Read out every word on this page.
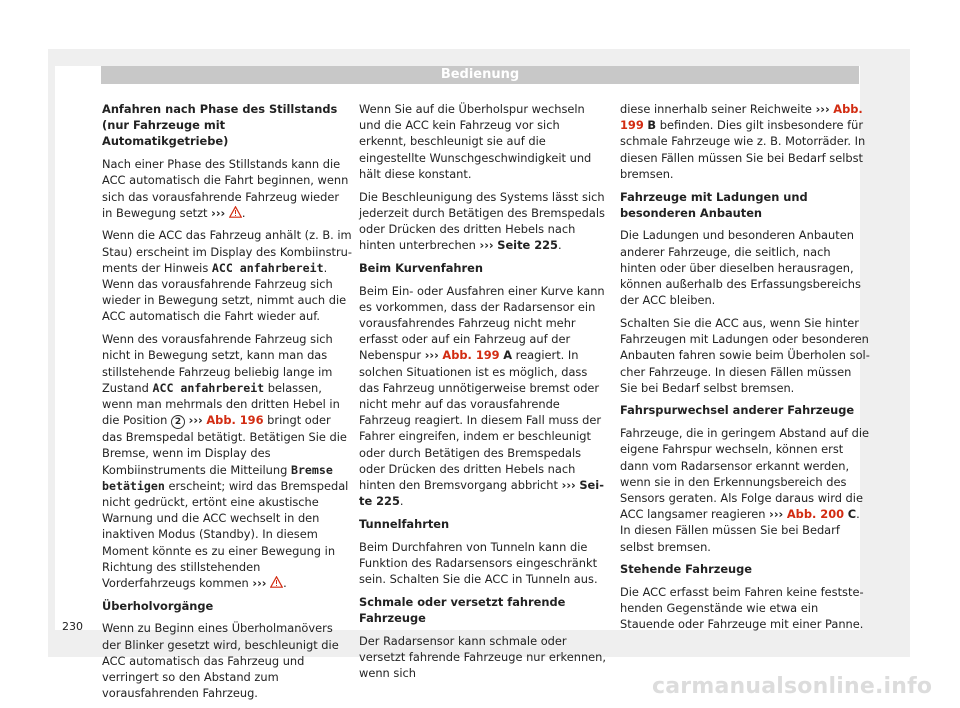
Bedienung

Anfahren nach Phase des Stillstands (nur Fahrzeuge mit Automatikgetriebe)

Nach einer Phase des Stillstands kann die ACC automatisch die Fahrt beginnen, wenn sich das vorausfahrende Fahrzeug wieder in Bewegung setzt ››› .

Wenn die ACC das Fahrzeug anhält (z. B. im Stau) erscheint im Display des Kombiinstruments der Hinweis ACC anfahrbereit. Wenn das vorausfahrende Fahrzeug sich wieder in Bewegung setzt, nimmt auch die ACC automatisch die Fahrt wieder auf.

Wenn des vorausfahrende Fahrzeug sich nicht in Bewegung setzt, kann man das stillstehende Fahrzeug beliebig lange im Zustand ACC anfahrbereit belassen, wenn man mehrmals den dritten Hebel in die Position 2 ››› Abb. 196 bringt oder das Bremspedal betätigt. Betätigen Sie die Bremse, wenn im Display des Kombiinstruments die Mitteilung Bremse betätigen erscheint; wird das Bremspedal nicht gedrückt, ertönt eine akustische Warnung und die ACC wechselt in den inaktiven Modus (Standby). In diesem Moment könnte es zu einer Bewegung in Richtung des stillstehenden Vorderfahrzeugs kommen ››› .

Überholvorgänge

Wenn zu Beginn eines Überholmanövers der Blinker gesetzt wird, beschleunigt die ACC automatisch das Fahrzeug und verringert so den Abstand zum vorausfahrenden Fahrzeug.

Wenn Sie auf die Überholspur wechseln und die ACC kein Fahrzeug vor sich erkennt, beschleunigt sie auf die eingestellte Wunschgeschwindigkeit und hält diese konstant.

Die Beschleunigung des Systems lässt sich jederzeit durch Betätigen des Bremspedals oder Drücken des dritten Hebels nach hinten unterbrechen ››› Seite 225.

Beim Kurvenfahren

Beim Ein- oder Ausfahren einer Kurve kann es vorkommen, dass der Radarsensor ein vorausfahrendes Fahrzeug nicht mehr erfasst oder auf ein Fahrzeug auf der Nebenspur ››› Abb. 199 A reagiert. In solchen Situationen ist es möglich, dass das Fahrzeug unnötigerweise bremst oder nicht mehr auf das vorausfahrende Fahrzeug reagiert. In diesem Fall muss der Fahrer eingreifen, indem er beschleunigt oder durch Betätigen des Bremspedals oder Drücken des dritten Hebels nach hinten den Bremsvorgang abbricht ››› Seite 225.

Tunnelfahrten

Beim Durchfahren von Tunneln kann die Funktion des Radarsensors eingeschränkt sein. Schalten Sie die ACC in Tunneln aus.

Schmale oder versetzt fahrende Fahrzeuge

Der Radarsensor kann schmale oder versetzt fahrende Fahrzeuge nur erkennen, wenn sich

diese innerhalb seiner Reichweite ››› Abb. 199 B befinden. Dies gilt insbesondere für schmale Fahrzeuge wie z. B. Motorräder. In diesen Fällen müssen Sie bei Bedarf selbst bremsen.

Fahrzeuge mit Ladungen und besonderen Anbauten

Die Ladungen und besonderen Anbauten anderer Fahrzeuge, die seitlich, nach hinten oder über dieselben herausragen, können außerhalb des Erfassungsbereichs der ACC bleiben.

Schalten Sie die ACC aus, wenn Sie hinter Fahrzeugen mit Ladungen oder besonderen Anbauten fahren sowie beim Überholen solcher Fahrzeuge. In diesen Fällen müssen Sie bei Bedarf selbst bremsen.

Fahrspurwechsel anderer Fahrzeuge

Fahrzeuge, die in geringem Abstand auf die eigene Fahrspur wechseln, können erst dann vom Radarsensor erkannt werden, wenn sie in den Erkennungsbereich des Sensors geraten. Als Folge daraus wird die ACC langsamer reagieren ››› Abb. 200 C. In diesen Fällen müssen Sie bei Bedarf selbst bremsen.

Stehende Fahrzeuge

Die ACC erfasst beim Fahren keine feststehenden Gegenstände wie etwa ein Stauende oder Fahrzeuge mit einer Panne.

230
carmanualsonline.info
